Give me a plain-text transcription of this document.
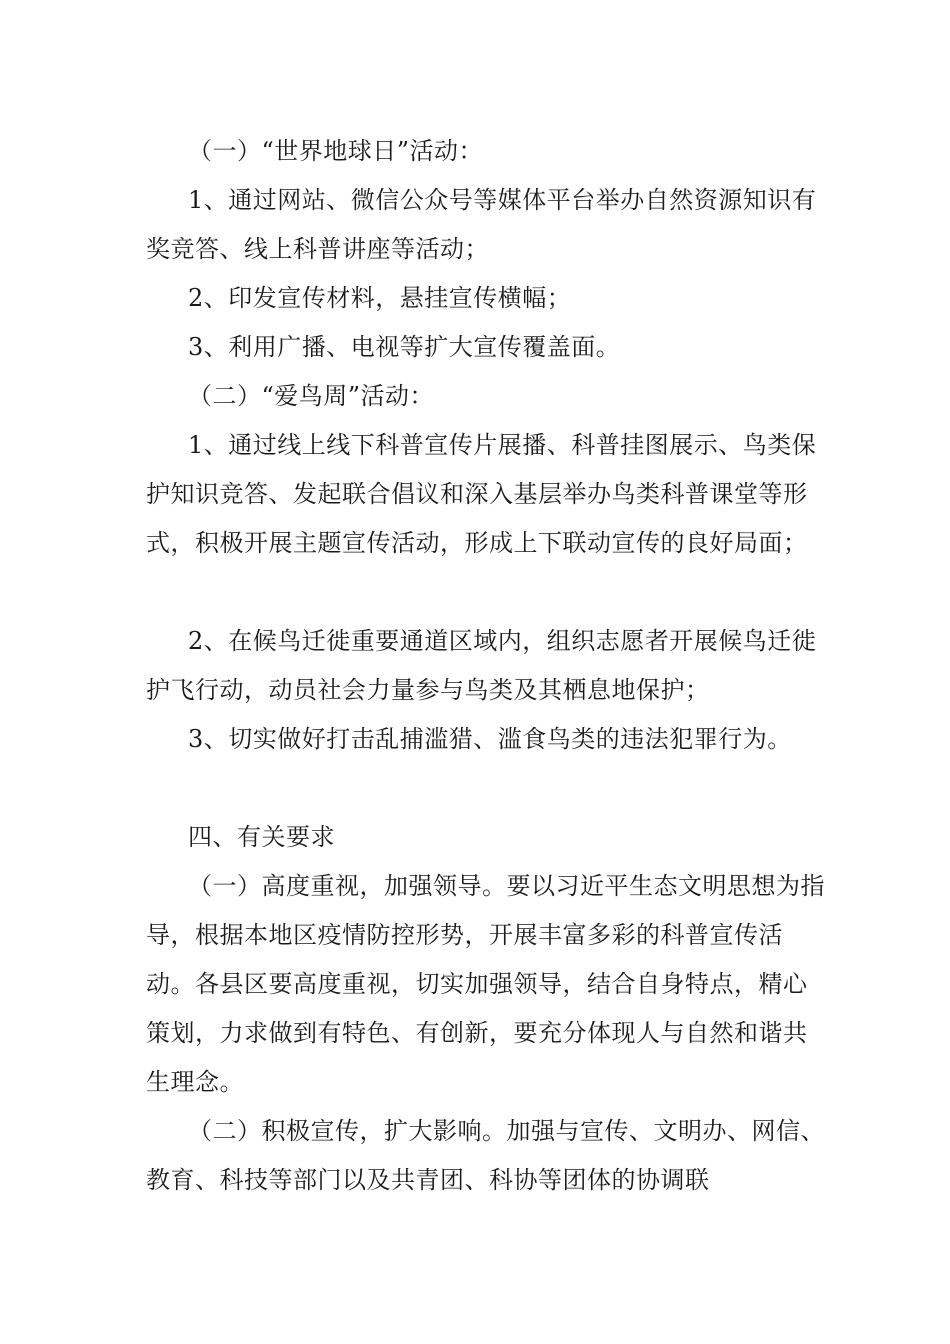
（一）“世界地球日”活动：

1、通过网站、微信公众号等媒体平台举办自然资源知识有奖竞答、线上科普讲座等活动；

2、印发宣传材料，悬挂宣传横幅；

3、利用广播、电视等扩大宣传覆盖面。

（二）“爱鸟周”活动：

1、通过线上线下科普宣传片展播、科普挂图展示、鸟类保护知识竞答、发起联合倡议和深入基层举办鸟类科普课堂等形式，积极开展主题宣传活动，形成上下联动宣传的良好局面；

2、在候鸟迁徙重要通道区域内，组织志愿者开展候鸟迁徙护飞行动，动员社会力量参与鸟类及其栖息地保护；

3、切实做好打击乱捕滥猎、滥食鸟类的违法犯罪行为。

四、有关要求

（一）高度重视，加强领导。要以习近平生态文明思想为指导，根据本地区疫情防控形势，开展丰富多彩的科普宣传活动。各县区要高度重视，切实加强领导，结合自身特点，精心策划，力求做到有特色、有创新，要充分体现人与自然和谐共生理念。

（二）积极宣传，扩大影响。加强与宣传、文明办、网信、教育、科技等部门以及共青团、科协等团体的协调联
